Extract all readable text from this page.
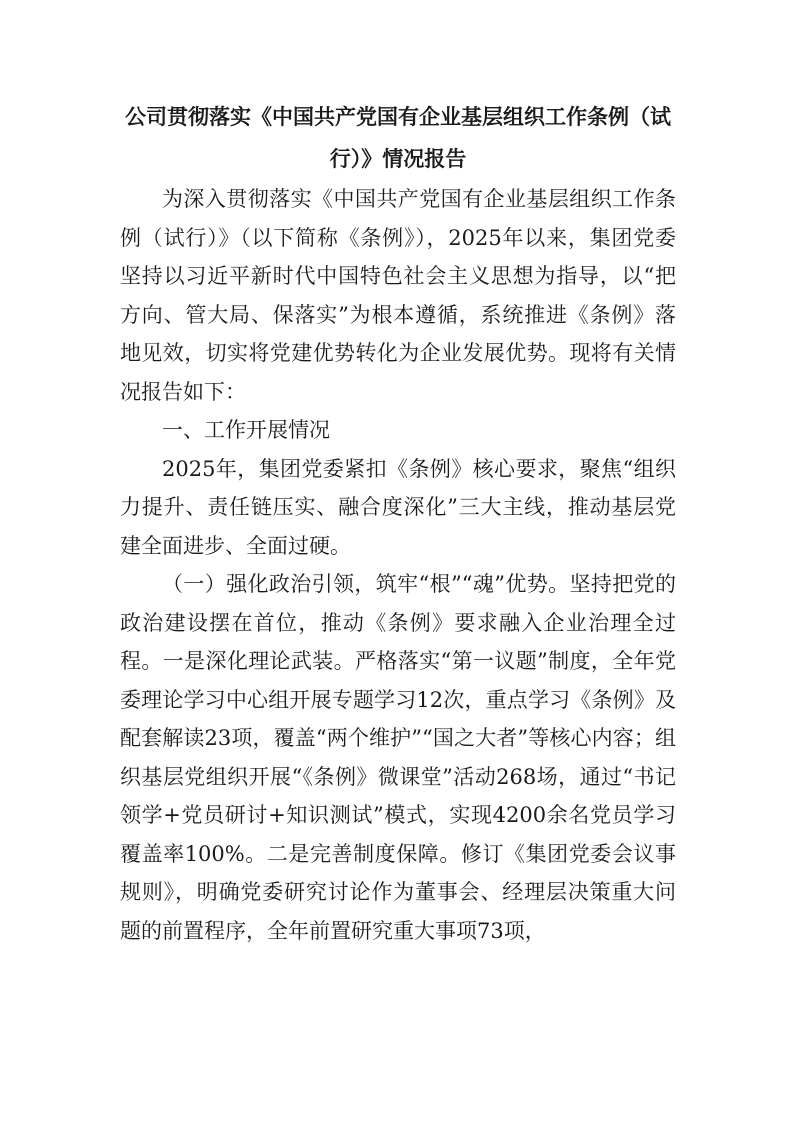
公司贯彻落实《中国共产党国有企业基层组织工作条例（试
行）》情况报告

为深入贯彻落实《中国共产党国有企业基层组织工作条例（试行）》（以下简称《条例》），2025年以来，集团党委坚持以习近平新时代中国特色社会主义思想为指导，以“把方向、管大局、保落实”为根本遵循，系统推进《条例》落地见效，切实将党建优势转化为企业发展优势。现将有关情况报告如下：

一、工作开展情况

2025年，集团党委紧扣《条例》核心要求，聚焦“组织力提升、责任链压实、融合度深化”三大主线，推动基层党建全面进步、全面过硬。

（一）强化政治引领，筑牢“根”“魂”优势。坚持把党的政治建设摆在首位，推动《条例》要求融入企业治理全过程。一是深化理论武装。严格落实“第一议题”制度，全年党委理论学习中心组开展专题学习12次，重点学习《条例》及配套解读23项，覆盖“两个维护”“国之大者”等核心内容；组织基层党组织开展“《条例》微课堂”活动268场，通过“书记领学+党员研讨+知识测试”模式，实现4200余名党员学习覆盖率100%。二是完善制度保障。修订《集团党委会议事规则》，明确党委研究讨论作为董事会、经理层决策重大问题的前置程序，全年前置研究重大事项73项，
